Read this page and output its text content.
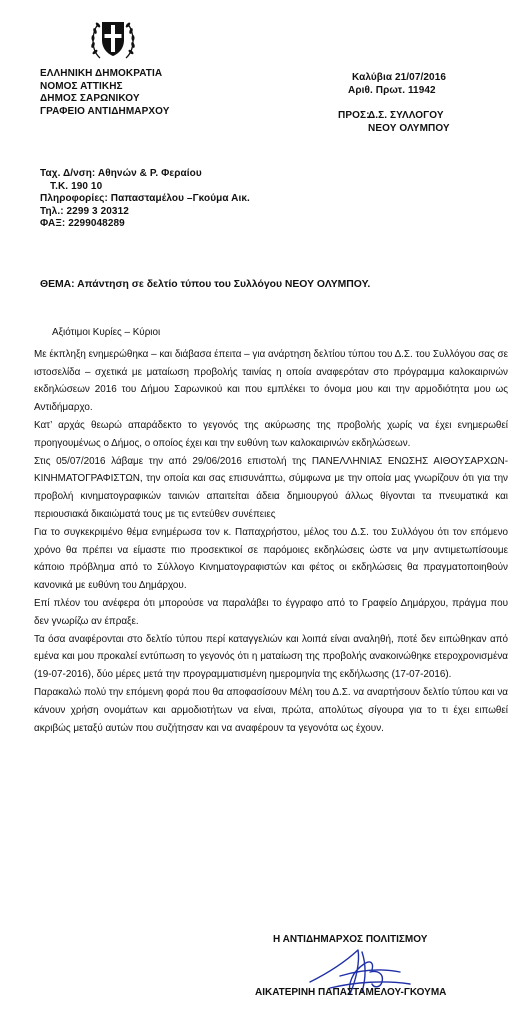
ΕΛΛΗΝΙΚΗ ΔΗΜΟΚΡΑΤΙΑ
ΝΟΜΟΣ ΑΤΤΙΚΗΣ
ΔΗΜΟΣ ΣΑΡΩΝΙΚΟΥ
ΓΡΑΦΕΙΟ ΑΝΤΙΔΗΜΑΡΧΟΥ
Καλύβια 21/07/2016
Αριθ. Πρωτ. 11942
ΠΡΟΣ:Δ.Σ. ΣΥΛΛΟΓΟΥ
ΝΕΟΥ ΟΛΥΜΠΟΥ
Ταχ. Δ/νση: Αθηνών & Ρ. Φεραίου
Τ.Κ. 190 10
Πληροφορίες: Παπασταμέλου –Γκούμα Αικ.
Τηλ.: 2299 3 20312
ΦΑΞ: 2299048289
ΘΕΜΑ: Απάντηση σε δελτίο τύπου του Συλλόγου ΝΕΟΥ ΟΛΥΜΠΟΥ.

Αξιότιμοι Κυρίες – Κύριοι

Με έκπληξη ενημερώθηκα – και διάβασα έπειτα – για ανάρτηση δελτίου τύπου του Δ.Σ. του Συλλόγου σας σε ιστοσελίδα – σχετικά με ματαίωση προβολής ταινίας η οποία αναφερόταν στο πρόγραμμα καλοκαιρινών εκδηλώσεων 2016 του Δήμου Σαρωνικού και που εμπλέκει το όνομα μου και την αρμοδιότητα μου ως Αντιδήμαρχο.

Κατ’ αρχάς θεωρώ απαράδεκτο το γεγονός της ακύρωσης της προβολής χωρίς να έχει ενημερωθεί προηγουμένως ο Δήμος, ο οποίος έχει και την ευθύνη των καλοκαιρινών εκδηλώσεων.

Στις 05/07/2016 λάβαμε την από 29/06/2016 επιστολή της ΠΑΝΕΛΛΗΝΙΑΣ ΕΝΩΣΗΣ ΑΙΘΟΥΣΑΡΧΩΝ-ΚΙΝΗΜΑΤΟΓΡΑΦΙΣΤΩΝ, την οποία και σας επισυνάπτω, σύμφωνα με την οποία μας γνωρίζουν ότι για την προβολή κινηματογραφικών ταινιών απαιτείται άδεια δημιουργού άλλως θίγονται τα πνευματικά και περιουσιακά δικαιώματά τους με τις εντεύθεν συνέπειες

Για το συγκεκριμένο θέμα ενημέρωσα τον κ. Παπαχρήστου, μέλος του Δ.Σ. του Συλλόγου ότι τον επόμενο χρόνο θα πρέπει να είμαστε πιο προσεκτικοί σε παρόμοιες εκδηλώσεις ώστε να μην αντιμετωπίσουμε κάποιο πρόβλημα από το Σύλλογο Κινηματογραφιστών και φέτος οι εκδηλώσεις θα πραγματοποιηθούν κανονικά με ευθύνη του Δημάρχου.

Επί πλέον του ανέφερα ότι μπορούσε να παραλάβει το έγγραφο από το Γραφείο Δημάρχου, πράγμα που δεν γνωρίζω αν έπραξε.

Τα όσα αναφέρονται στο δελτίο τύπου περί καταγγελιών και λοιπά είναι αναληθή, ποτέ δεν ειπώθηκαν από εμένα και μου προκαλεί εντύπωση το γεγονός ότι η ματαίωση της προβολής ανακοινώθηκε ετεροχρονισμένα (19-07-2016), δύο μέρες μετά την προγραμματισμένη ημερομηνία της εκδήλωσης (17-07-2016).

Παρακαλώ πολύ την επόμενη φορά που θα αποφασίσουν Μέλη του Δ.Σ. να αναρτήσουν δελτίο τύπου και να κάνουν χρήση ονομάτων και αρμοδιοτήτων να είναι, πρώτα, απολύτως σίγουρα για το τι έχει ειπωθεί ακριβώς μεταξύ αυτών που συζήτησαν και να αναφέρουν τα γεγονότα ως έχουν.

Η ΑΝΤΙΔΗΜΑΡΧΟΣ ΠΟΛΙΤΙΣΜΟΥ
ΑΙΚΑΤΕΡΙΝΗ ΠΑΠΑΣΤΑΜΕΛΟΥ-ΓΚΟΥΜΑ
